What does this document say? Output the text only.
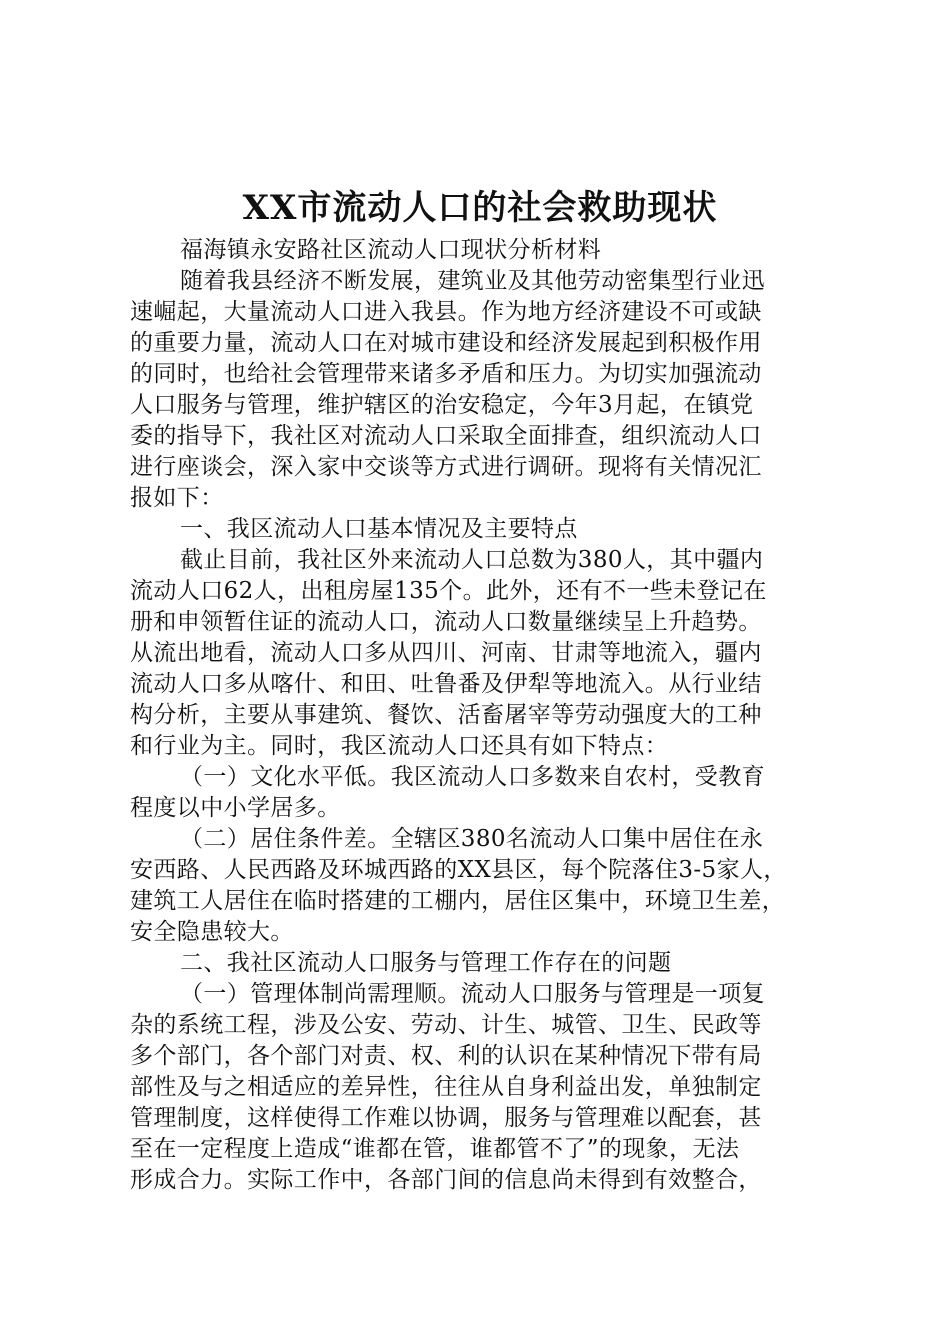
XX市流动人口的社会救助现状

福海镇永安路社区流动人口现状分析材料

随着我县经济不断发展，建筑业及其他劳动密集型行业迅

速崛起，大量流动人口进入我县。作为地方经济建设不可或缺

的重要力量，流动人口在对城市建设和经济发展起到积极作用

的同时，也给社会管理带来诸多矛盾和压力。为切实加强流动

人口服务与管理，维护辖区的治安稳定，今年3月起，在镇党

委的指导下，我社区对流动人口采取全面排查，组织流动人口

进行座谈会，深入家中交谈等方式进行调研。现将有关情况汇

报如下：

一、我区流动人口基本情况及主要特点

截止目前，我社区外来流动人口总数为380人，其中疆内

流动人口62人，出租房屋135个。此外，还有不一些未登记在

册和申领暂住证的流动人口，流动人口数量继续呈上升趋势。

从流出地看，流动人口多从四川、河南、甘肃等地流入，疆内

流动人口多从喀什、和田、吐鲁番及伊犁等地流入。从行业结

构分析，主要从事建筑、餐饮、活畜屠宰等劳动强度大的工种

和行业为主。同时，我区流动人口还具有如下特点：

（一）文化水平低。我区流动人口多数来自农村，受教育

程度以中小学居多。

（二）居住条件差。全辖区380名流动人口集中居住在永

安西路、人民西路及环城西路的XX县区，每个院落住3-5家人，

建筑工人居住在临时搭建的工棚内，居住区集中，环境卫生差，

安全隐患较大。

二、我社区流动人口服务与管理工作存在的问题

（一）管理体制尚需理顺。流动人口服务与管理是一项复

杂的系统工程，涉及公安、劳动、计生、城管、卫生、民政等

多个部门，各个部门对责、权、利的认识在某种情况下带有局

部性及与之相适应的差异性，往往从自身利益出发，单独制定

管理制度，这样使得工作难以协调，服务与管理难以配套，甚

至在一定程度上造成“谁都在管，谁都管不了”的现象，无法

形成合力。实际工作中，各部门间的信息尚未得到有效整合，
